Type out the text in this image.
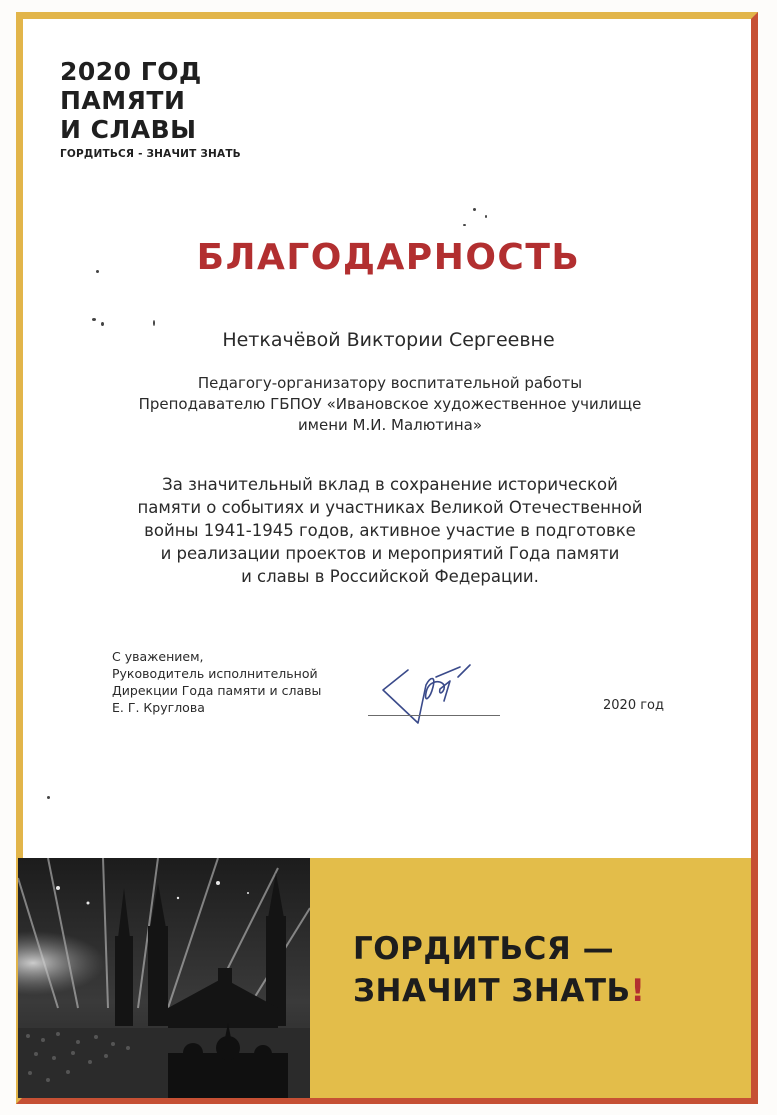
2020 ГОД
ПАМЯТИ
И СЛАВЫ
ГОРДИТЬСЯ - ЗНАЧИТ ЗНАТЬ
БЛАГОДАРНОСТЬ
Неткачёвой Виктории Сергеевне
Педагогу-организатору воспитательной работы
Преподавателю ГБПОУ «Ивановское художественное училище
имени М.И. Малютина»
За значительный вклад в сохранение исторической
памяти о событиях и участниках Великой Отечественной
войны 1941-1945 годов, активное участие в подготовке
и реализации проектов и мероприятий Года памяти
и славы в Российской Федерации.
С уважением,
Руководитель исполнительной
Дирекции Года памяти и славы
Е. Г. Круглова	2020 год
ГОРДИТЬСЯ —
ЗНАЧИТ ЗНАТЬ!
